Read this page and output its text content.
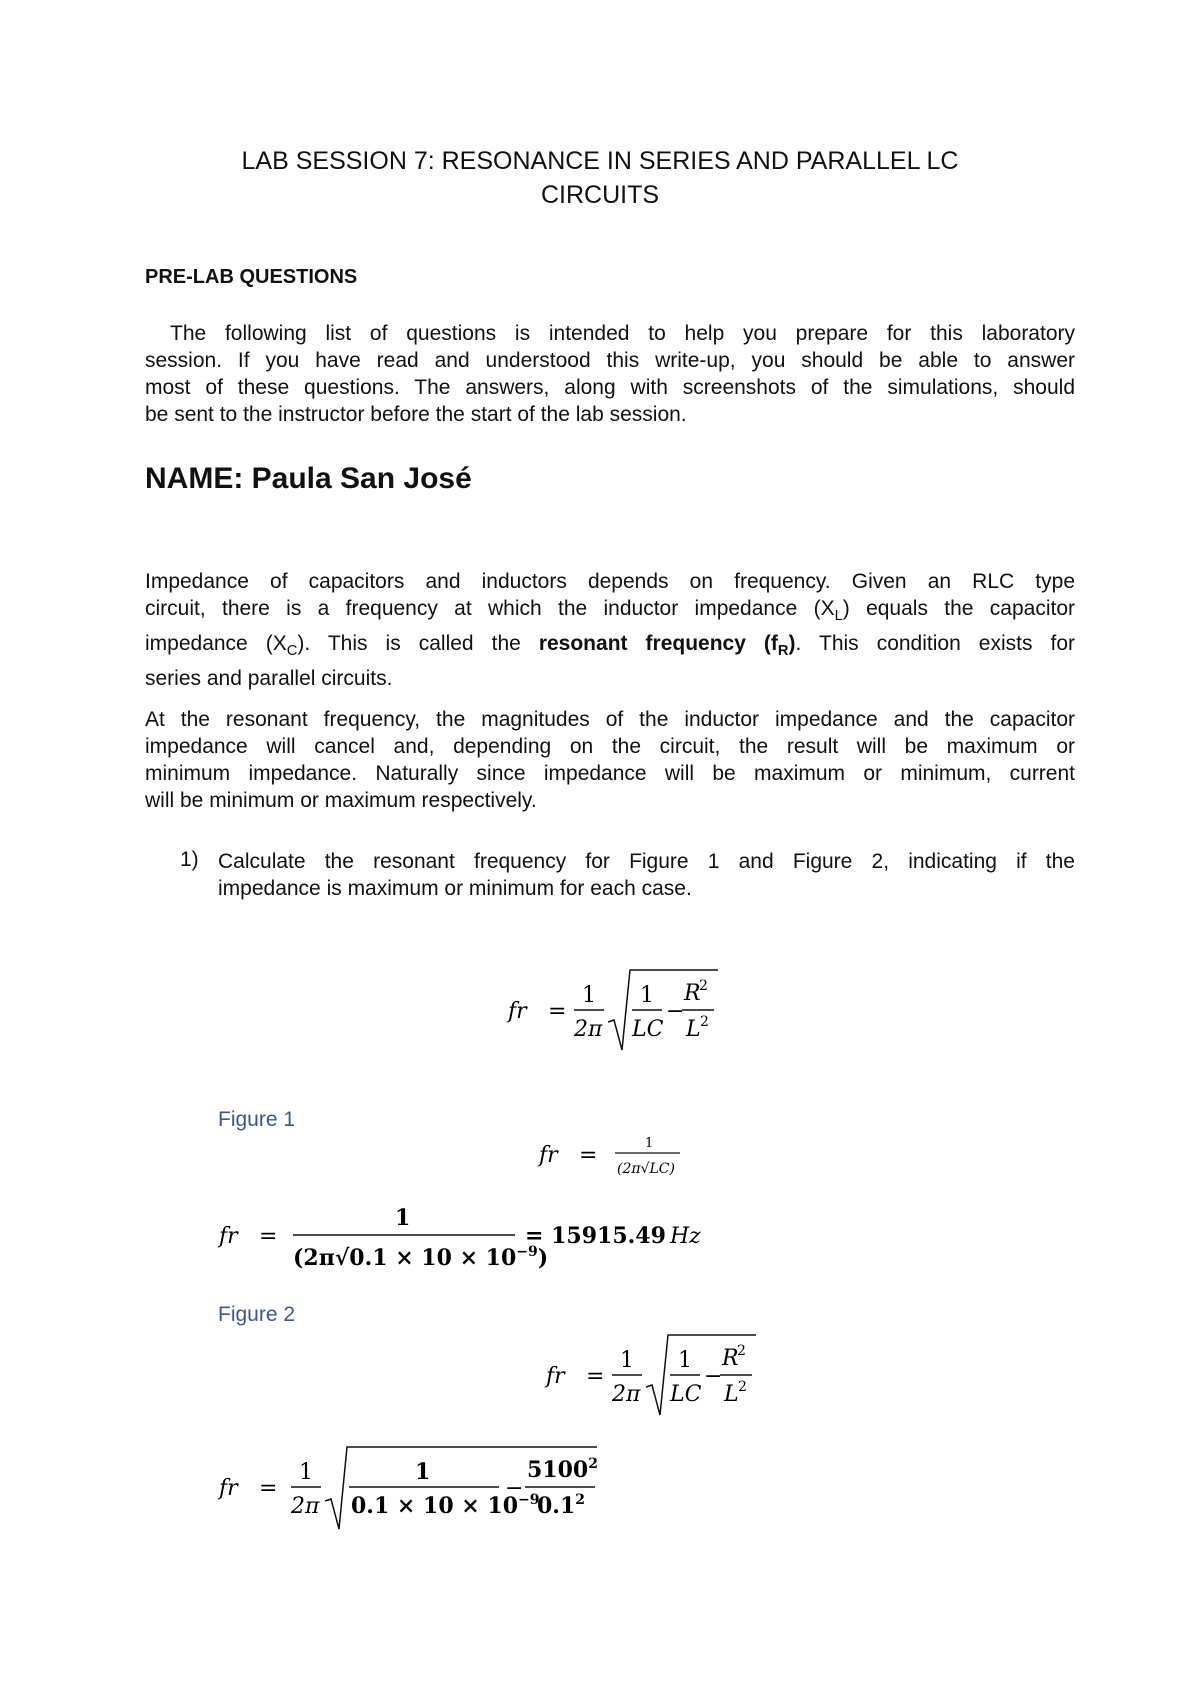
LAB SESSION 7: RESONANCE IN SERIES AND PARALLEL LC
CIRCUITS
PRE-LAB QUESTIONS
The following list of questions is intended to help you prepare for this laboratory
session. If you have read and understood this write-up, you should be able to answer
most of these questions. The answers, along with screenshots of the simulations, should
be sent to the instructor before the start of the lab session.
NAME: Paula San José
Impedance of capacitors and inductors depends on frequency. Given an RLC type
circuit, there is a frequency at which the inductor impedance $(X_L)$ equals the capacitor
impedance $(X_C)$. This is called the resonant frequency $(f_R)$. This condition exists for
series and parallel circuits.
At the resonant frequency, the magnitudes of the inductor impedance and the capacitor
impedance will cancel and, depending on the circuit, the result will be maximum or
minimum impedance. Naturally since impedance will be maximum or minimum, current
will be minimum or maximum respectively.
1) Calculate the resonant frequency for Figure 1 and Figure 2, indicating if the
impedance is maximum or minimum for each case.
fr =
1
2π
1
LC
−
R
2
L 2
Figure 1
fr =	1
(2π√LC)
fr =
1
$(2\pi√0.1 \times 10 \times 10^{-9})$
= 15915.49 Hz
Figure 2
fr =
1
2π
1
LC
−
R
2
L 2
fr =
1
2π
1
$0.1 \times 10 \times 10^{-9}$
−
$5100^2$
$0.1^2$
